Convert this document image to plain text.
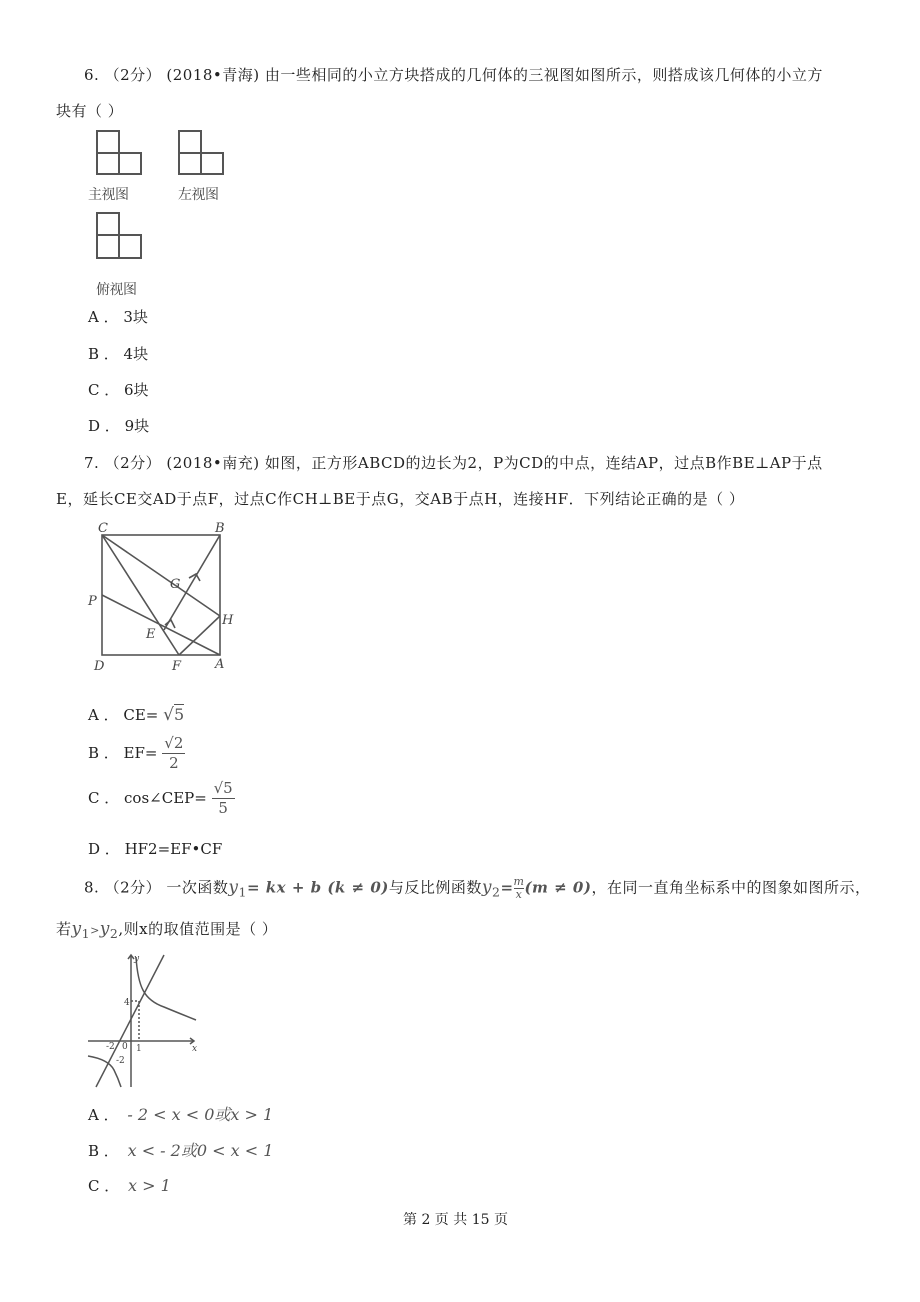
6. （2分） (2018•青海) 由一些相同的小立方块搭成的几何体的三视图如图所示，则搭成该几何体的小立方
块有（ ）
主视图	左视图
俯视图
A ． 3块
B ． 4块
C ． 6块
D ． 9块
7. （2分） (2018•南充) 如图，正方形ABCD的边长为2，P为CD的中点，连结AP，过点B作BE⊥AP于点
E，延长CE交AD于点F，过点C作CH⊥BE于点G，交AB于点H，连接HF．下列结论正确的是（ ）
C	B
G
H
P
E
D	F	A
A ． CE= √5
B ． $EF= \frac{√2}{2}$
C ． cos∠CEP= $\frac{√5}{5}$
D ． HF2=EF•CF
8. （2分） 一次函数$y_1=$ kx + b (k ≠ 0)与反比例函数$y_2= \frac{m}{x} (m \ne 0)$，在同一直角坐标系中的图象如图所示，
若$y_1>y_2$,则x的取值范围是（ ）
y
x
4
1
-2 0
-2
A ． - 2 < x < 0或x > 1
B ． x < - 2或0 < x < 1
C ． x > 1
第 2 页 共 15 页
